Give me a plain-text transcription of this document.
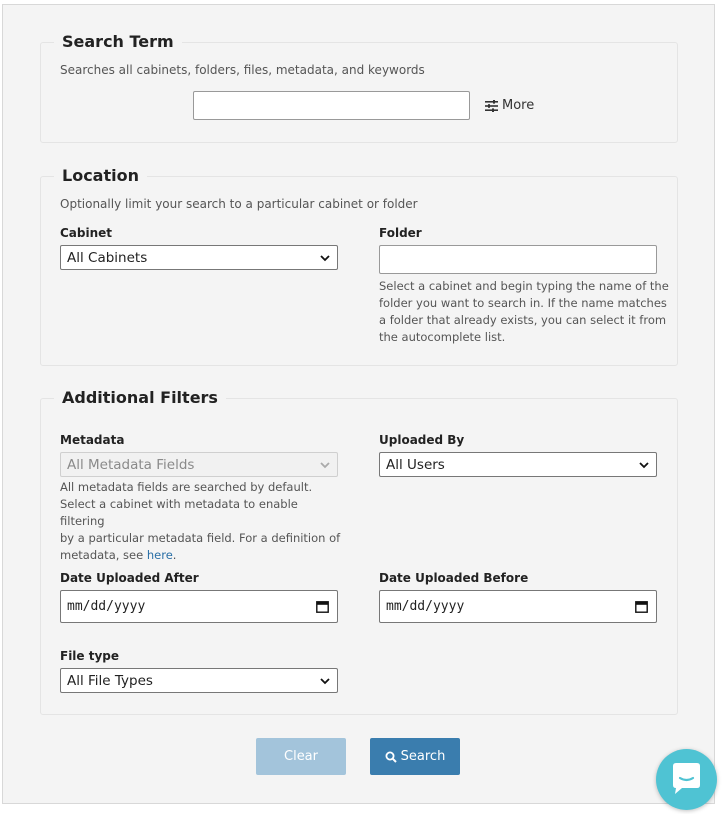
Search Term
Searches all cabinets, folders, files, metadata, and keywords
More
Location
Optionally limit your search to a particular cabinet or folder
Cabinet
All Cabinets
Folder
Select a cabinet and begin typing the name of the
folder you want to search in. If the name matches
a folder that already exists, you can select it from
the autocomplete list.
Additional Filters
Metadata
All Metadata Fields
All metadata fields are searched by default.
Select a cabinet with metadata to enable filtering
by a particular metadata field. For a definition of
metadata, see here.
Uploaded By
All Users
Date Uploaded After
mm/dd/yyyy
Date Uploaded Before
mm/dd/yyyy
File type
All File Types
Clear	Search
